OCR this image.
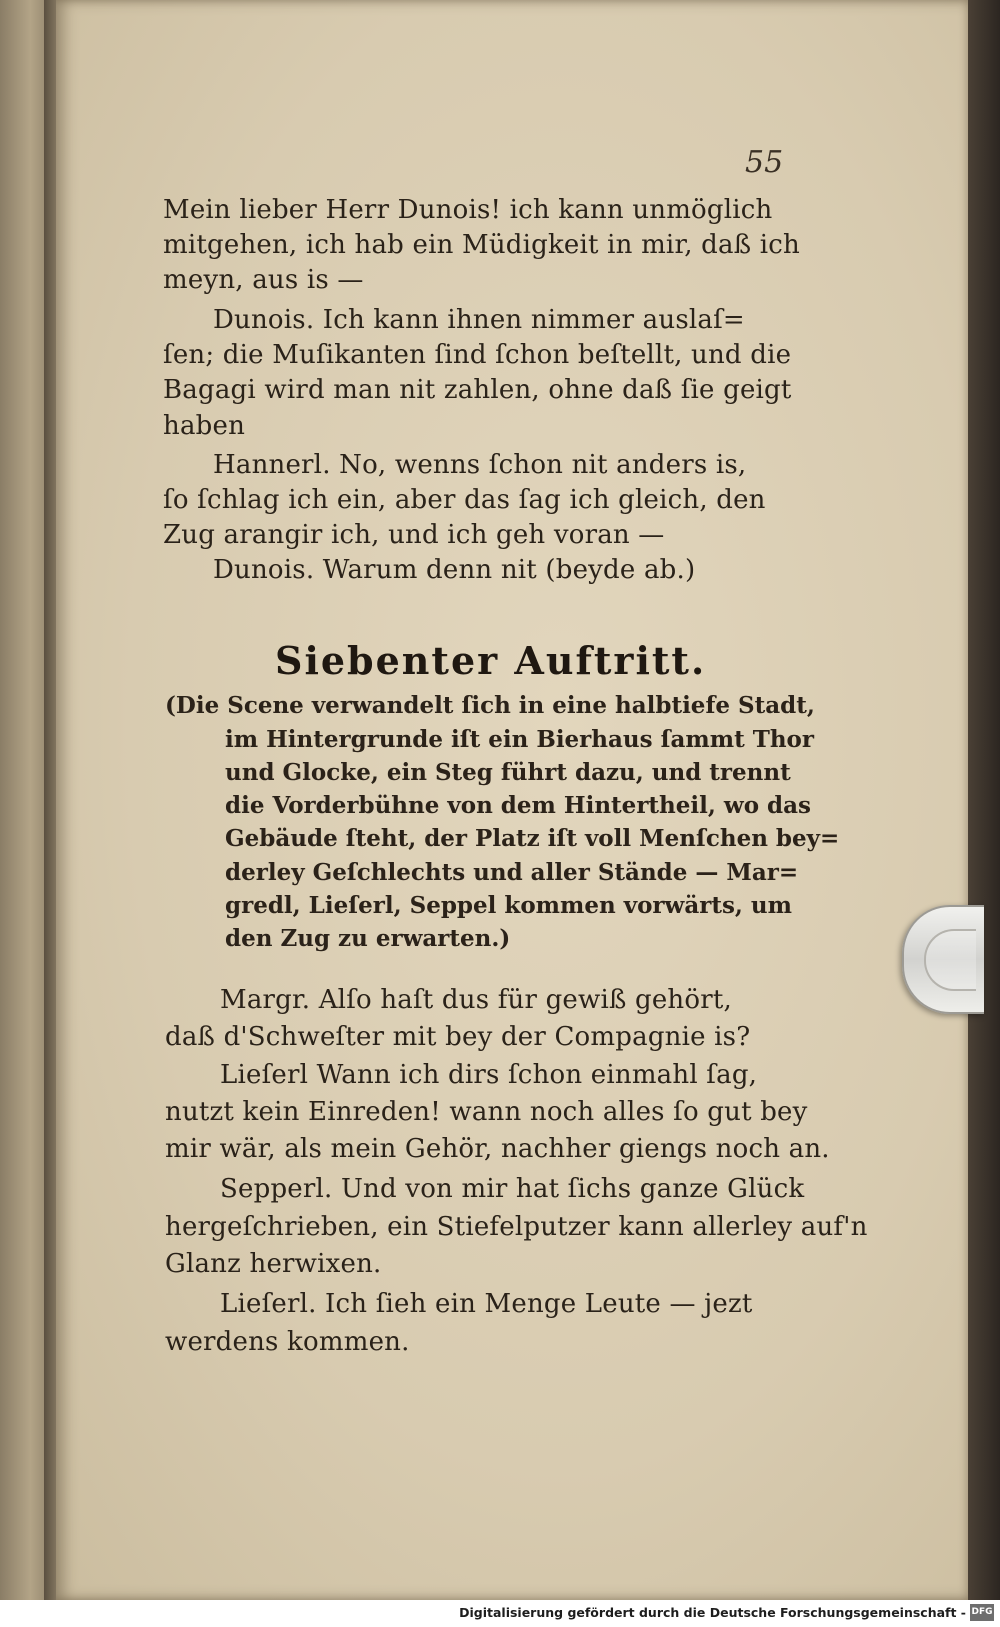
55
Mein lieber Herr Dunois! ich kann unmöglich
mitgehen, ich hab ein Müdigkeit in mir, daß ich
meyn, aus is —
Dunois. Ich kann ihnen nimmer auslaſ=
ſen; die Muſikanten ſind ſchon beſtellt, und die
Bagagi wird man nit zahlen, ohne daß ſie geigt
haben
Hannerl. No, wenns ſchon nit anders is,
ſo ſchlag ich ein, aber das ſag ich gleich, den
Zug arangir ich, und ich geh voran —
Dunois. Warum denn nit (beyde ab.)
Siebenter Auftritt.
(Die Scene verwandelt ſich in eine halbtiefe Stadt,
im Hintergrunde iſt ein Bierhaus ſammt Thor
und Glocke, ein Steg führt dazu, und trennt
die Vorderbühne von dem Hintertheil, wo das
Gebäude ſteht, der Platz iſt voll Menſchen bey=
derley Geſchlechts und aller Stände — Mar=
gredl, Lieſerl, Seppel kommen vorwärts, um
den Zug zu erwarten.)
Margr. Alſo haſt dus für gewiß gehört,
daß d'Schweſter mit bey der Compagnie is?
Lieſerl Wann ich dirs ſchon einmahl ſag,
nutzt kein Einreden! wann noch alles ſo gut bey
mir wär, als mein Gehör, nachher giengs noch an.
Sepperl. Und von mir hat ſichs ganze Glück
hergeſchrieben, ein Stiefelputzer kann allerley auf'n
Glanz herwixen.
Lieſerl. Ich ſieh ein Menge Leute — jezt
werdens kommen.
Digitalisierung gefördert durch die Deutsche Forschungsgemeinschaft - DFG
